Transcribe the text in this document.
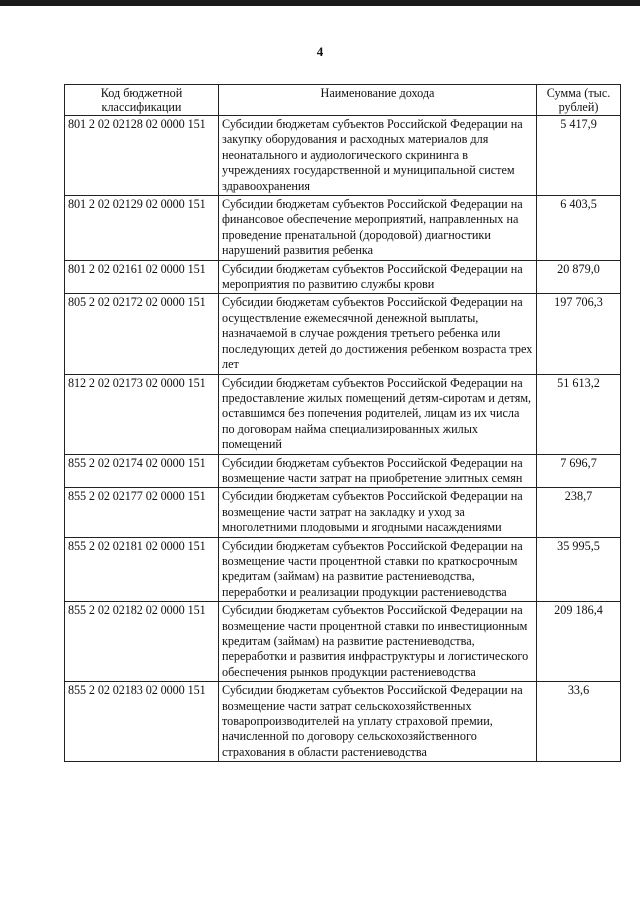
4
Код бюджетной классификации	Наименование дохода	Сумма (тыс. рублей)
801 2 02 02128 02 0000 151	Субсидии бюджетам субъектов Российской Федерации на закупку оборудования и расходных материалов для неонатального и аудиологического скрининга в учреждениях государственной и муниципальной систем здравоохранения	5 417,9
801 2 02 02129 02 0000 151	Субсидии бюджетам субъектов Российской Федерации на финансовое обеспечение мероприятий, направленных на проведение пренатальной (дородовой) диагностики нарушений развития ребенка	6 403,5
801 2 02 02161 02 0000 151	Субсидии бюджетам субъектов Российской Федерации на мероприятия по развитию службы крови	20 879,0
805 2 02 02172 02 0000 151	Субсидии бюджетам субъектов Российской Федерации на осуществление ежемесячной денежной выплаты, назначаемой в случае рождения третьего ребенка или последующих детей до достижения ребенком возраста трех лет	197 706,3
812 2 02 02173 02 0000 151	Субсидии бюджетам субъектов Российской Федерации на предоставление жилых помещений детям-сиротам и детям, оставшимся без попечения родителей, лицам из их числа по договорам найма специализированных жилых помещений	51 613,2
855 2 02 02174 02 0000 151	Субсидии бюджетам субъектов Российской Федерации на возмещение части затрат на приобретение элитных семян	7 696,7
855 2 02 02177 02 0000 151	Субсидии бюджетам субъектов Российской Федерации на возмещение части затрат на закладку и уход за многолетними плодовыми и ягодными насаждениями	238,7
855 2 02 02181 02 0000 151	Субсидии бюджетам субъектов Российской Федерации на возмещение части процентной ставки по краткосрочным кредитам (займам) на развитие растениеводства, переработки и реализации продукции растениеводства	35 995,5
855 2 02 02182 02 0000 151	Субсидии бюджетам субъектов Российской Федерации на возмещение части процентной ставки по инвестиционным кредитам (займам) на развитие растениеводства, переработки и развития инфраструктуры и логистического обеспечения рынков продукции растениеводства	209 186,4
855 2 02 02183 02 0000 151	Субсидии бюджетам субъектов Российской Федерации на возмещение части затрат сельскохозяйственных товаропроизводителей на уплату страховой премии, начисленной по договору сельскохозяйственного страхования в области растениеводства	33,6
